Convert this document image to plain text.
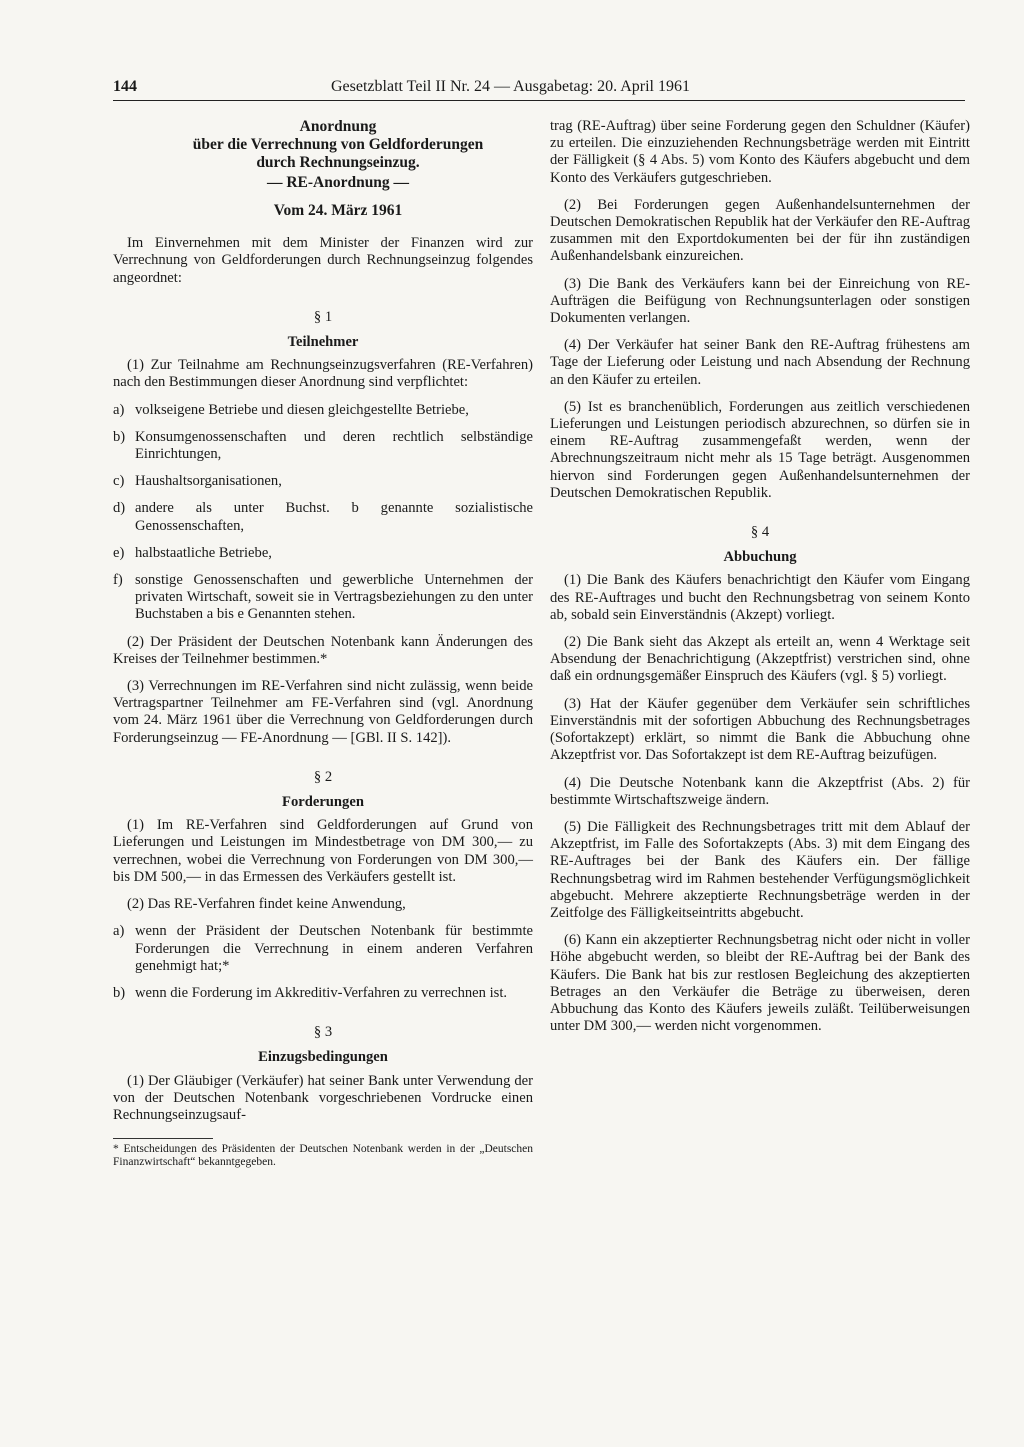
144	Gesetzblatt Teil II Nr. 24 — Ausgabetag: 20. April 1961

Anordnung

über die Verrechnung von Geldforderungen

durch Rechnungseinzug.

— RE-Anordnung —

Vom 24. März 1961

Im Einvernehmen mit dem Minister der Finanzen wird zur Verrechnung von Geldforderungen durch Rechnungseinzug folgendes angeordnet:

§ 1

Teilnehmer

(1) Zur Teilnahme am Rechnungseinzugsverfahren (RE-Verfahren) nach den Bestimmungen dieser Anordnung sind verpflichtet:

a) volkseigene Betriebe und diesen gleichgestellte Betriebe,
b) Konsumgenossenschaften und deren rechtlich selbständige Einrichtungen,
c) Haushaltsorganisationen,
d) andere als unter Buchst. b genannte sozialistische Genossenschaften,
e) halbstaatliche Betriebe,
f) sonstige Genossenschaften und gewerbliche Unternehmen der privaten Wirtschaft, soweit sie in Vertragsbeziehungen zu den unter Buchstaben a bis e Genannten stehen.

(2) Der Präsident der Deutschen Notenbank kann Änderungen des Kreises der Teilnehmer bestimmen.*

(3) Verrechnungen im RE-Verfahren sind nicht zulässig, wenn beide Vertragspartner Teilnehmer am FE-Verfahren sind (vgl. Anordnung vom 24. März 1961 über die Verrechnung von Geldforderungen durch Forderungseinzug — FE-Anordnung — [GBl. II S. 142]).

§ 2

Forderungen

(1) Im RE-Verfahren sind Geldforderungen auf Grund von Lieferungen und Leistungen im Mindestbetrage von DM 300,— zu verrechnen, wobei die Verrechnung von Forderungen von DM 300,— bis DM 500,— in das Ermessen des Verkäufers gestellt ist.

(2) Das RE-Verfahren findet keine Anwendung,

a) wenn der Präsident der Deutschen Notenbank für bestimmte Forderungen die Verrechnung in einem anderen Verfahren genehmigt hat;*
b) wenn die Forderung im Akkreditiv-Verfahren zu verrechnen ist.

§ 3

Einzugsbedingungen

(1) Der Gläubiger (Verkäufer) hat seiner Bank unter Verwendung der von der Deutschen Notenbank vorgeschriebenen Vordrucke einen Rechnungseinzugsauf-

* Entscheidungen des Präsidenten der Deutschen Notenbank werden in der „Deutschen Finanzwirtschaft“ bekanntgegeben.

trag (RE-Auftrag) über seine Forderung gegen den Schuldner (Käufer) zu erteilen. Die einzuziehenden Rechnungsbeträge werden mit Eintritt der Fälligkeit (§ 4 Abs. 5) vom Konto des Käufers abgebucht und dem Konto des Verkäufers gutgeschrieben.

(2) Bei Forderungen gegen Außenhandelsunternehmen der Deutschen Demokratischen Republik hat der Verkäufer den RE-Auftrag zusammen mit den Exportdokumenten bei der für ihn zuständigen Außenhandelsbank einzureichen.

(3) Die Bank des Verkäufers kann bei der Einreichung von RE-Aufträgen die Beifügung von Rechnungsunterlagen oder sonstigen Dokumenten verlangen.

(4) Der Verkäufer hat seiner Bank den RE-Auftrag frühestens am Tage der Lieferung oder Leistung und nach Absendung der Rechnung an den Käufer zu erteilen.

(5) Ist es branchenüblich, Forderungen aus zeitlich verschiedenen Lieferungen und Leistungen periodisch abzurechnen, so dürfen sie in einem RE-Auftrag zusammengefaßt werden, wenn der Abrechnungszeitraum nicht mehr als 15 Tage beträgt. Ausgenommen hiervon sind Forderungen gegen Außenhandelsunternehmen der Deutschen Demokratischen Republik.

§ 4

Abbuchung

(1) Die Bank des Käufers benachrichtigt den Käufer vom Eingang des RE-Auftrages und bucht den Rechnungsbetrag von seinem Konto ab, sobald sein Einverständnis (Akzept) vorliegt.

(2) Die Bank sieht das Akzept als erteilt an, wenn 4 Werktage seit Absendung der Benachrichtigung (Akzeptfrist) verstrichen sind, ohne daß ein ordnungsgemäßer Einspruch des Käufers (vgl. § 5) vorliegt.

(3) Hat der Käufer gegenüber dem Verkäufer sein schriftliches Einverständnis mit der sofortigen Abbuchung des Rechnungsbetrages (Sofortakzept) erklärt, so nimmt die Bank die Abbuchung ohne Akzeptfrist vor. Das Sofortakzept ist dem RE-Auftrag beizufügen.

(4) Die Deutsche Notenbank kann die Akzeptfrist (Abs. 2) für bestimmte Wirtschaftszweige ändern.

(5) Die Fälligkeit des Rechnungsbetrages tritt mit dem Ablauf der Akzeptfrist, im Falle des Sofortakzepts (Abs. 3) mit dem Eingang des RE-Auftrages bei der Bank des Käufers ein. Der fällige Rechnungsbetrag wird im Rahmen bestehender Verfügungsmöglichkeit abgebucht. Mehrere akzeptierte Rechnungsbeträge werden in der Zeitfolge des Fälligkeitseintritts abgebucht.

(6) Kann ein akzeptierter Rechnungsbetrag nicht oder nicht in voller Höhe abgebucht werden, so bleibt der RE-Auftrag bei der Bank des Käufers. Die Bank hat bis zur restlosen Begleichung des akzeptierten Betrages an den Verkäufer die Beträge zu überweisen, deren Abbuchung das Konto des Käufers jeweils zuläßt. Teilüberweisungen unter DM 300,— werden nicht vorgenommen.
